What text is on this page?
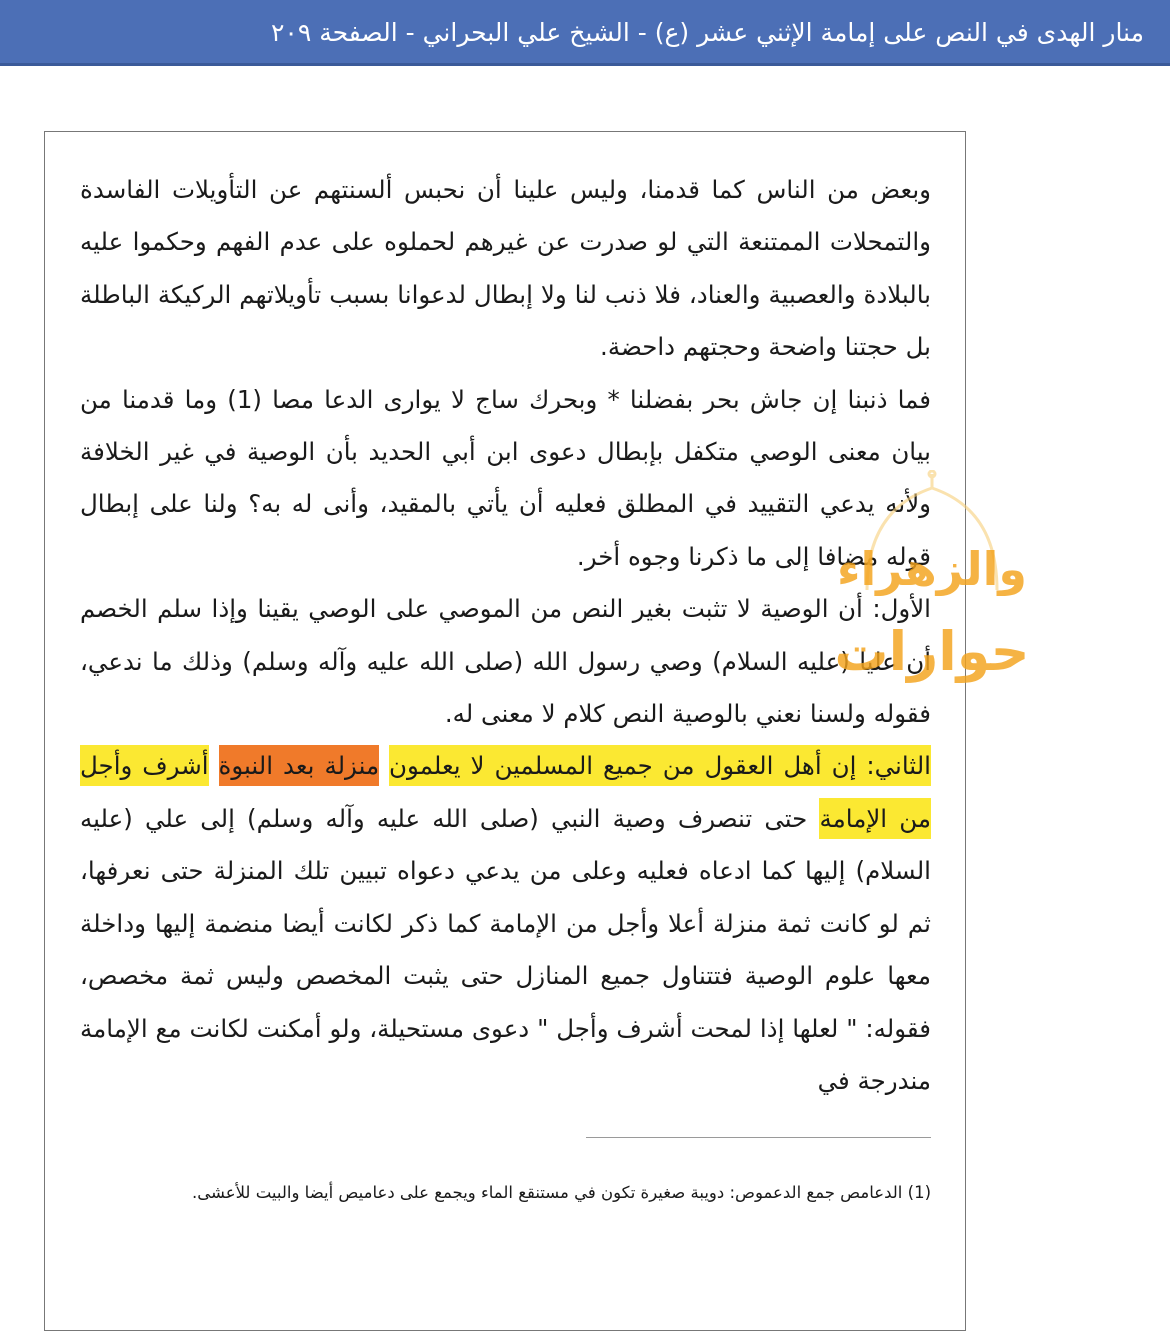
منار الهدى في النص على إمامة الإثني عشر (ع) - الشيخ علي البحراني - الصفحة ٢٠٩

وبعض من الناس كما قدمنا، وليس علينا أن نحبس ألسنتهم عن التأويلات الفاسدة والتمحلات الممتنعة التي لو صدرت عن غيرهم لحملوه على عدم الفهم وحكموا عليه بالبلادة والعصبية والعناد، فلا ذنب لنا ولا إبطال لدعوانا بسبب تأويلاتهم الركيكة الباطلة بل حجتنا واضحة وحجتهم داحضة.

فما ذنبنا إن جاش بحر بفضلنا * وبحرك ساج لا يوارى الدعا مصا (1) وما قدمنا من بيان معنى الوصي متكفل بإبطال دعوى ابن أبي الحديد بأن الوصية في غير الخلافة ولأنه يدعي التقييد في المطلق فعليه أن يأتي بالمقيد، وأنى له به؟ ولنا على إبطال قوله مضافا إلى ما ذكرنا وجوه أخر.

الأول: أن الوصية لا تثبت بغير النص من الموصي على الوصي يقينا وإذا سلم الخصم أن عليا (عليه السلام) وصي رسول الله (صلى الله عليه وآله وسلم) وذلك ما ندعي، فقوله ولسنا نعني بالوصية النص كلام لا معنى له.

الثاني: إن أهل العقول من جميع المسلمين لا يعلمون منزلة بعد النبوة أشرف وأجل من الإمامة حتى تنصرف وصية النبي (صلى الله عليه وآله وسلم) إلى علي (عليه السلام) إليها كما ادعاه فعليه وعلى من يدعي دعواه تبيين تلك المنزلة حتى نعرفها، ثم لو كانت ثمة منزلة أعلا وأجل من الإمامة كما ذكر لكانت أيضا منضمة إليها وداخلة معها علوم الوصية فتتناول جميع المنازل حتى يثبت المخصص وليس ثمة مخصص، فقوله: " لعلها إذا لمحت أشرف وأجل " دعوى مستحيلة، ولو أمكنت لكانت مع الإمامة مندرجة في

(1) الدعامص جمع الدعموص: دويبة صغيرة تكون في مستنقع الماء ويجمع على دعاميص أيضا والبيت للأعشى.
والزهراء
حوارات
